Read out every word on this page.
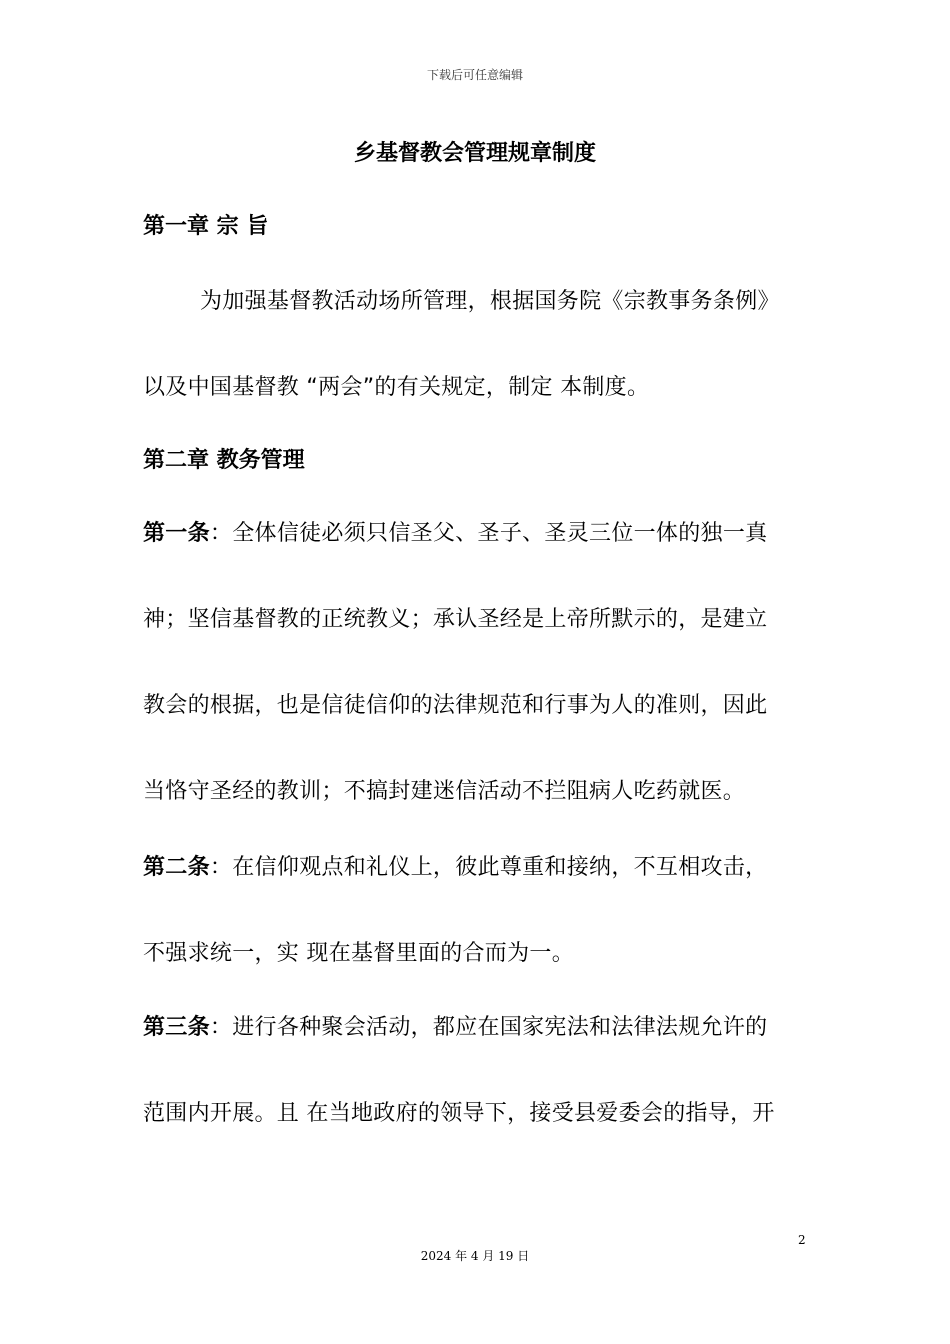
下载后可任意编辑
乡基督教会管理规章制度
第一章 宗 旨
为加强基督教活动场所管理，根据国务院《宗教事务条例》
以及中国基督教 “两会”的有关规定，制定 本制度。
第二章 教务管理
第一条：全体信徒必须只信圣父、圣子、圣灵三位一体的独一真
神；坚信基督教的正统教义；承认圣经是上帝所默示的，是建立
教会的根据，也是信徒信仰的法律规范和行事为人的准则，因此
当恪守圣经的教训；不搞封建迷信活动不拦阻病人吃药就医。
第二条：在信仰观点和礼仪上，彼此尊重和接纳，不互相攻击，
不强求统一，实 现在基督里面的合而为一。
第三条：进行各种聚会活动，都应在国家宪法和法律法规允许的
范围内开展。且 在当地政府的领导下，接受县爱委会的指导，开
2
2024 年 4 月 19 日
